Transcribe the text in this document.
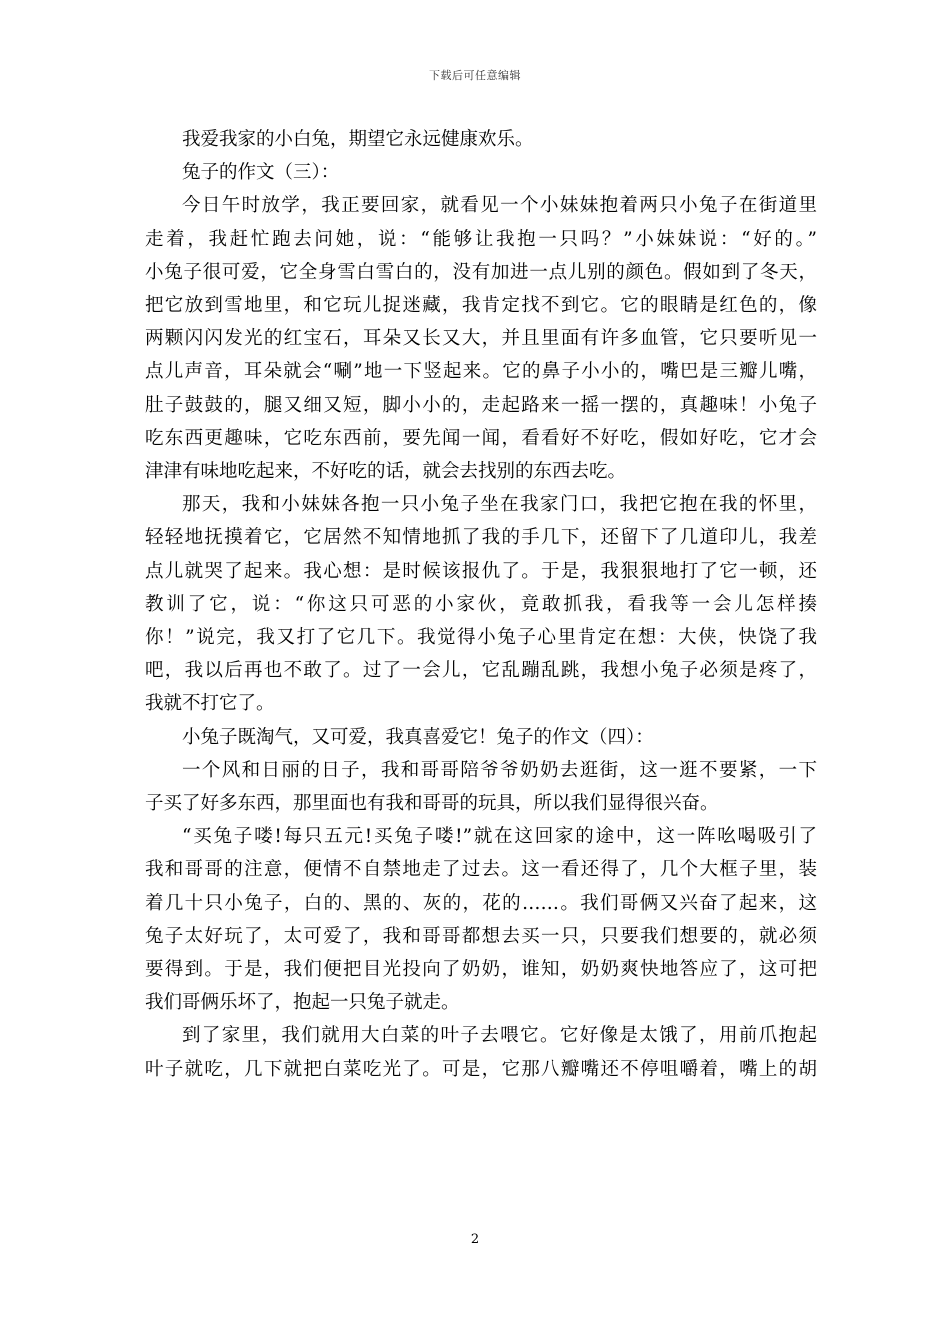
下载后可任意编辑
我爱我家的小白兔，期望它永远健康欢乐。
兔子的作文（三）：
今日午时放学，我正要回家，就看见一个小妹妹抱着两只小兔子在街道里
走着，我赶忙跑去问她，说：“能够让我抱一只吗？”小妹妹说：“好的。”
小兔子很可爱，它全身雪白雪白的，没有加进一点儿别的颜色。假如到了冬天，
把它放到雪地里，和它玩儿捉迷藏，我肯定找不到它。它的眼睛是红色的，像
两颗闪闪发光的红宝石，耳朵又长又大，并且里面有许多血管，它只要听见一
点儿声音，耳朵就会“唰”地一下竖起来。它的鼻子小小的，嘴巴是三瓣儿嘴，
肚子鼓鼓的，腿又细又短，脚小小的，走起路来一摇一摆的，真趣味！小兔子
吃东西更趣味，它吃东西前，要先闻一闻，看看好不好吃，假如好吃，它才会
津津有味地吃起来，不好吃的话，就会去找别的东西去吃。
那天，我和小妹妹各抱一只小兔子坐在我家门口，我把它抱在我的怀里，
轻轻地抚摸着它，它居然不知情地抓了我的手几下，还留下了几道印儿，我差
点儿就哭了起来。我心想：是时候该报仇了。于是，我狠狠地打了它一顿，还
教训了它，说：“你这只可恶的小家伙，竟敢抓我，看我等一会儿怎样揍
你！”说完，我又打了它几下。我觉得小兔子心里肯定在想：大侠，快饶了我
吧，我以后再也不敢了。过了一会儿，它乱蹦乱跳，我想小兔子必须是疼了，
我就不打它了。
小兔子既淘气，又可爱，我真喜爱它！兔子的作文（四）：
一个风和日丽的日子，我和哥哥陪爷爷奶奶去逛街，这一逛不要紧，一下
子买了好多东西，那里面也有我和哥哥的玩具，所以我们显得很兴奋。
“买兔子喽!每只五元!买兔子喽!”就在这回家的途中，这一阵吆喝吸引了
我和哥哥的注意，便情不自禁地走了过去。这一看还得了，几个大框子里，装
着几十只小兔子，白的、黑的、灰的，花的……。我们哥俩又兴奋了起来，这
兔子太好玩了，太可爱了，我和哥哥都想去买一只，只要我们想要的，就必须
要得到。于是，我们便把目光投向了奶奶，谁知，奶奶爽快地答应了，这可把
我们哥俩乐坏了，抱起一只兔子就走。
到了家里，我们就用大白菜的叶子去喂它。它好像是太饿了，用前爪抱起
叶子就吃，几下就把白菜吃光了。可是，它那八瓣嘴还不停咀嚼着，嘴上的胡
2
